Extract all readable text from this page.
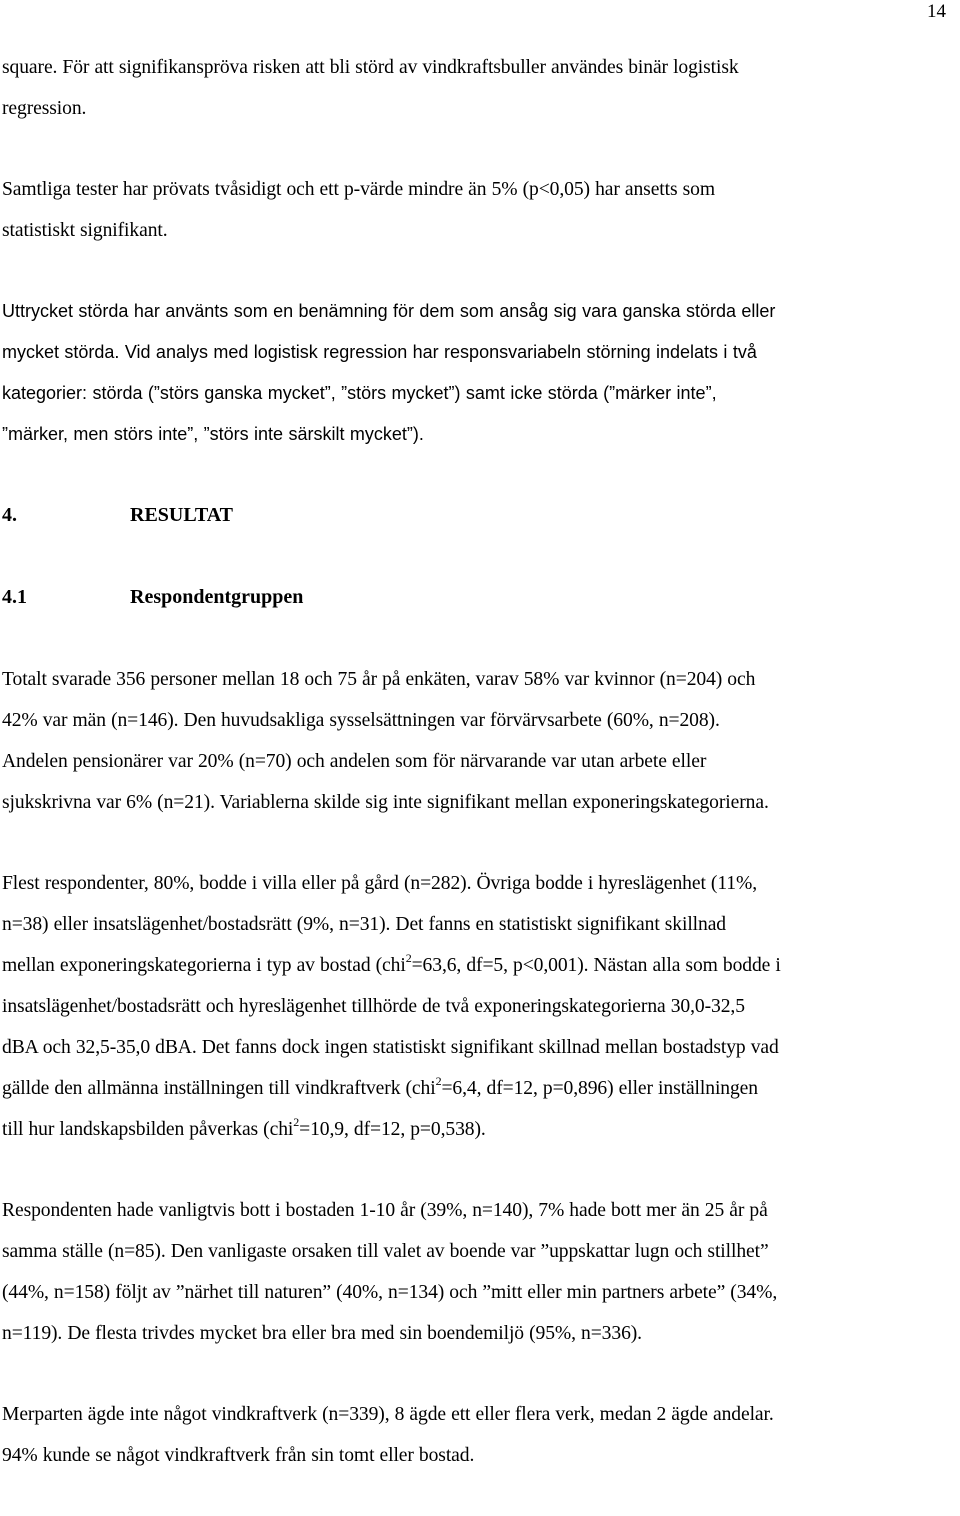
14

square. För att signifikanspröva risken att bli störd av vindkraftsbuller användes binär logistisk
regression.

Samtliga tester har prövats tvåsidigt och ett p-värde mindre än 5% (p<0,05) har ansetts som
statistiskt signifikant.

Uttrycket störda har använts som en benämning för dem som ansåg sig vara ganska störda eller
mycket störda. Vid analys med logistisk regression har responsvariabeln störning indelats i två
kategorier: störda (”störs ganska mycket”, ”störs mycket”) samt icke störda (”märker inte”,
”märker, men störs inte”, ”störs inte särskilt mycket”).

4.	RESULTAT
4.1	Respondentgruppen

Totalt svarade 356 personer mellan 18 och 75 år på enkäten, varav 58% var kvinnor (n=204) och
42% var män (n=146). Den huvudsakliga sysselsättningen var förvärvsarbete (60%, n=208).
Andelen pensionärer var 20% (n=70) och andelen som för närvarande var utan arbete eller
sjukskrivna var 6% (n=21). Variablerna skilde sig inte signifikant mellan exponeringskategorierna.

Flest respondenter, 80%, bodde i villa eller på gård (n=282). Övriga bodde i hyreslägenhet (11%,
n=38) eller insatslägenhet/bostadsrätt (9%, n=31). Det fanns en statistiskt signifikant skillnad
mellan exponeringskategorierna i typ av bostad (chi$^2$=63,6, df=5, p<0,001). Nästan alla som bodde i
insatslägenhet/bostadsrätt och hyreslägenhet tillhörde de två exponeringskategorierna 30,0-32,5
dBA och 32,5-35,0 dBA. Det fanns dock ingen statistiskt signifikant skillnad mellan bostadstyp vad
gällde den allmänna inställningen till vindkraftverk (chi$^2$=6,4, df=12, p=0,896) eller inställningen
till hur landskapsbilden påverkas (chi$^2$=10,9, df=12, p=0,538).

Respondenten hade vanligtvis bott i bostaden 1-10 år (39%, n=140), 7% hade bott mer än 25 år på
samma ställe (n=85). Den vanligaste orsaken till valet av boende var ”uppskattar lugn och stillhet”
(44%, n=158) följt av ”närhet till naturen” (40%, n=134) och ”mitt eller min partners arbete” (34%,
n=119). De flesta trivdes mycket bra eller bra med sin boendemiljö (95%, n=336).

Merparten ägde inte något vindkraftverk (n=339), 8 ägde ett eller flera verk, medan 2 ägde andelar.
94% kunde se något vindkraftverk från sin tomt eller bostad.
